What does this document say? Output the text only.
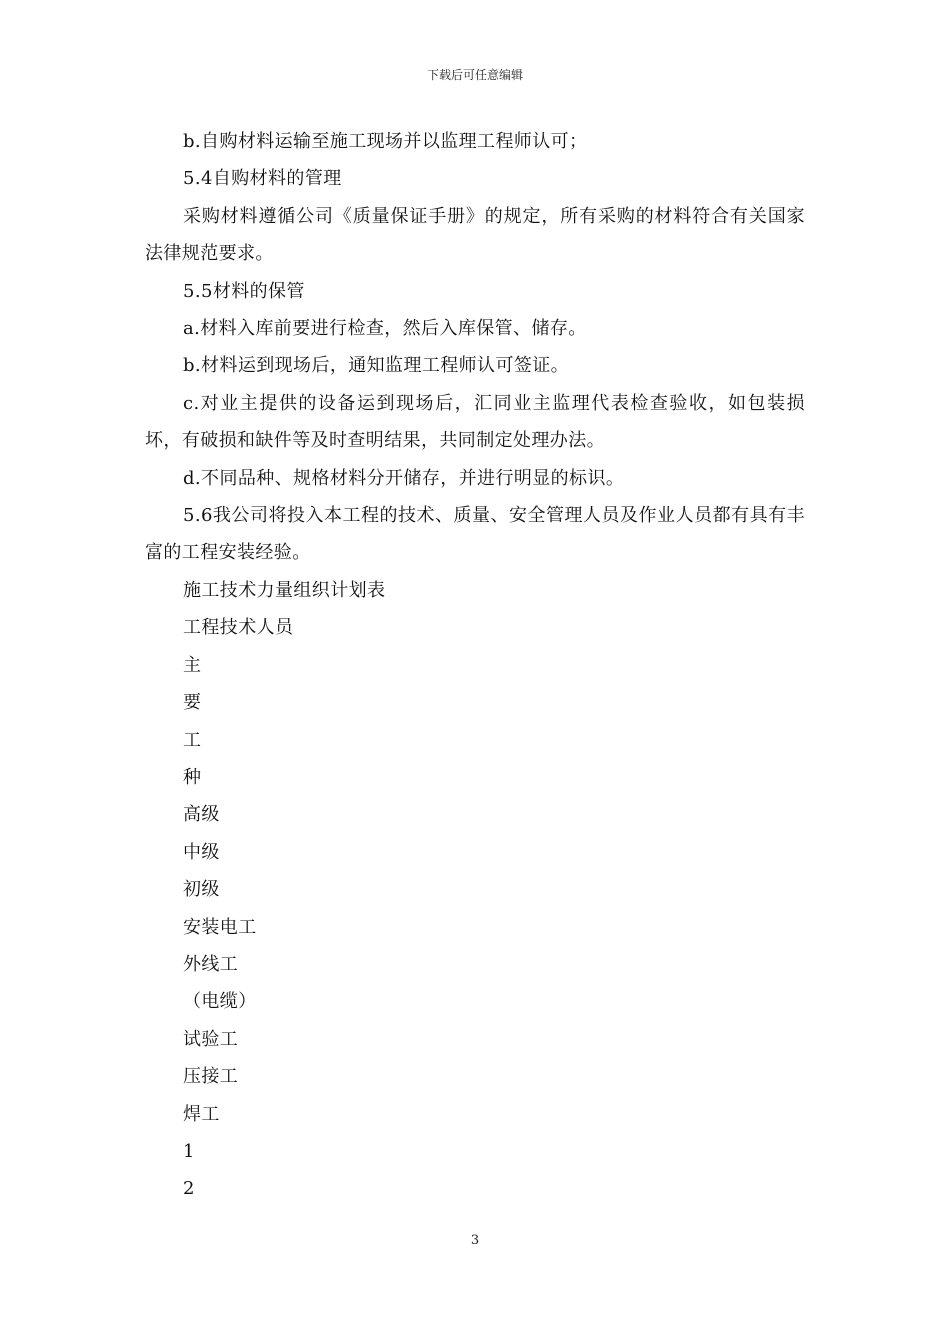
下载后可任意编辑

b.自购材料运输至施工现场并以监理工程师认可；

5.4自购材料的管理

采购材料遵循公司《质量保证手册》的规定，所有采购的材料符合有关国家法律规范要求。

5.5材料的保管

a.材料入库前要进行检查，然后入库保管、储存。

b.材料运到现场后，通知监理工程师认可签证。

c.对业主提供的设备运到现场后，汇同业主监理代表检查验收，如包装损坏，有破损和缺件等及时查明结果，共同制定处理办法。

d.不同品种、规格材料分开储存，并进行明显的标识。

5.6我公司将投入本工程的技术、质量、安全管理人员及作业人员都有具有丰富的工程安装经验。

施工技术力量组织计划表

工程技术人员

主

要

工

种

高级

中级

初级

安装电工

外线工

（电缆）

试验工

压接工

焊工

1

2

3
